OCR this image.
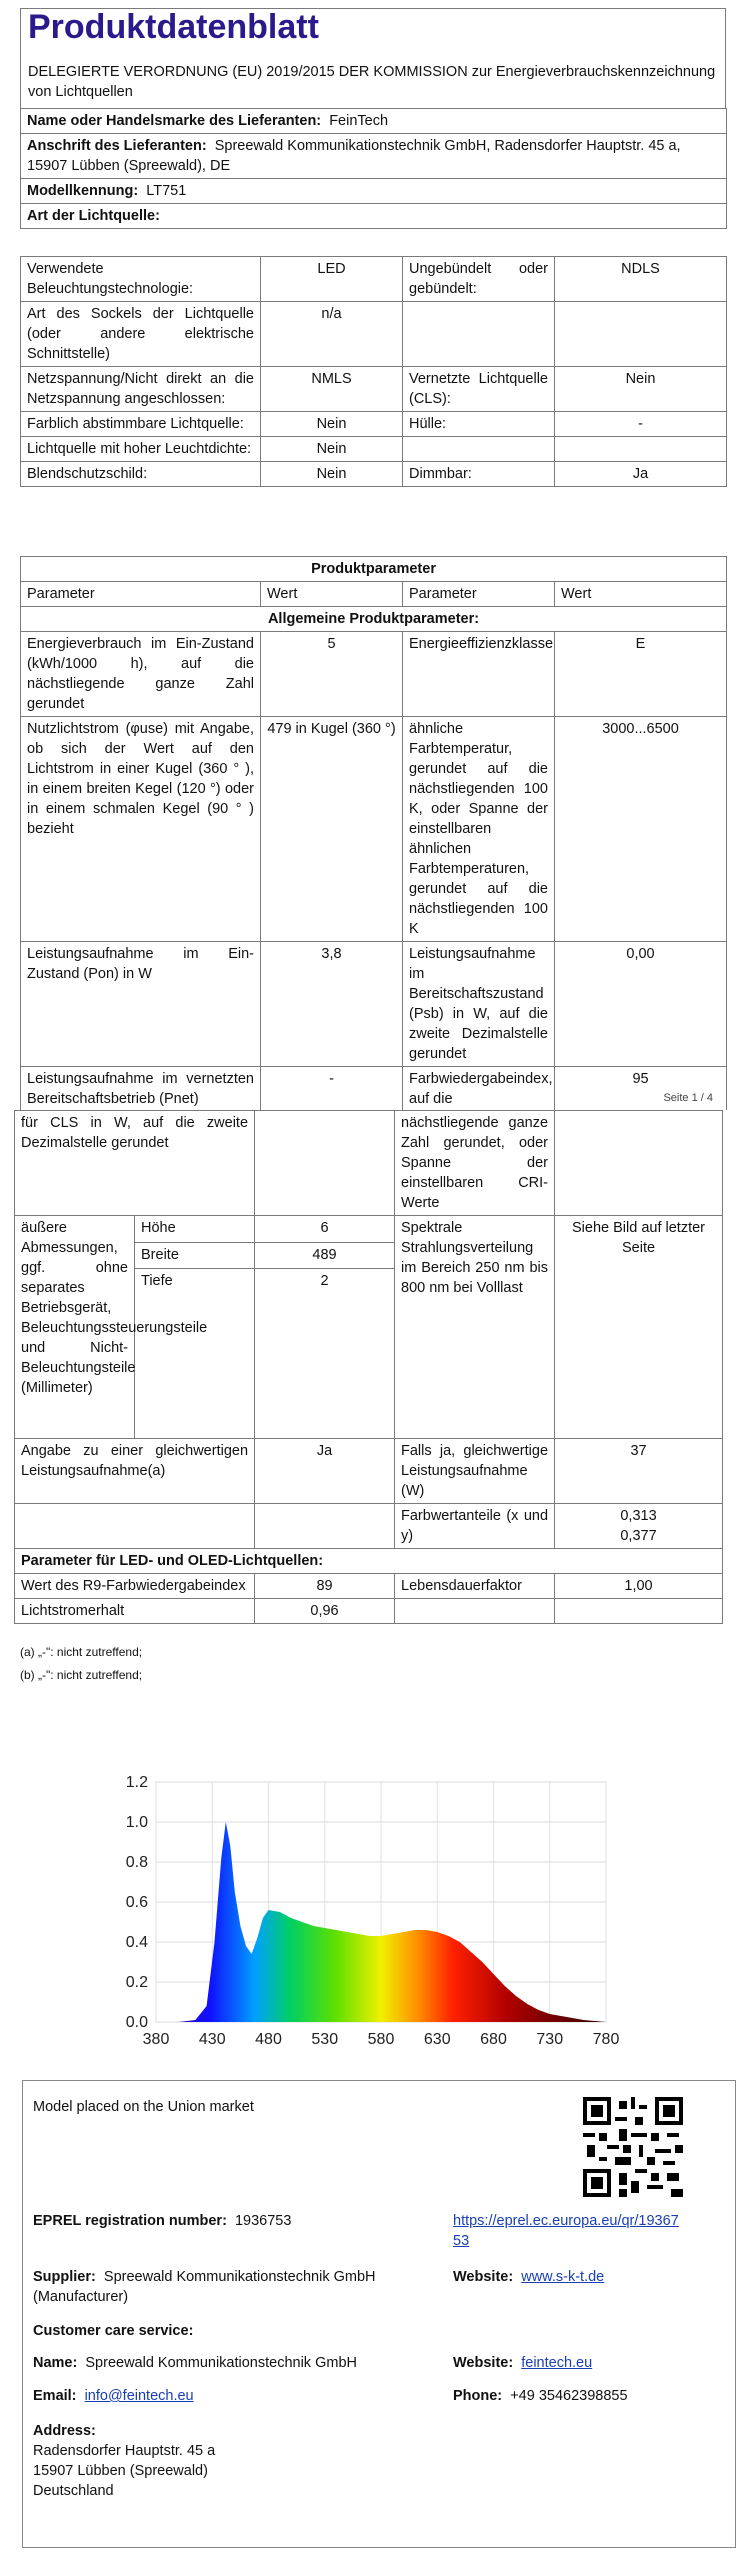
Produktdatenblatt
DELEGIERTE VERORDNUNG (EU) 2019/2015 DER KOMMISSION zur Energieverbrauchskennzeichnung von Lichtquellen
Name oder Handelsmarke des Lieferanten: FeinTech
Anschrift des Lieferanten: Spreewald Kommunikationstechnik GmbH, Radensdorfer Hauptstr. 45 a, 15907 Lübben (Spreewald), DE
Modellkennung: LT751
Art der Lichtquelle:
Verwendete Beleuchtungstechnologie:	LED	Ungebündelt oder gebündelt:	NDLS
Art des Sockels der Lichtquelle (oder andere elektrische Schnittstelle)	n/a		
Netzspannung/Nicht direkt an die Netzspannung angeschlossen:	NMLS	Vernetzte Lichtquelle (CLS):	Nein
Farblich abstimmbare Lichtquelle:	Nein	Hülle:	-
Lichtquelle mit hoher Leuchtdichte:	Nein		
Blendschutzschild:	Nein	Dimmbar:	Ja
Produktparameter			
Parameter	Wert	Parameter	Wert
Allgemeine Produktparameter:			
Energieverbrauch im Ein-Zustand (kWh/1000 h), auf die nächstliegende ganze Zahl gerundet	5	Energieeffizienzklasse	E
Nutzlichtstrom (φuse) mit Angabe, ob sich der Wert auf den Lichtstrom in einer Kugel (360 ° ), in einem breiten Kegel (120 °) oder in einem schmalen Kegel (90 ° ) bezieht	479 in Kugel (360 °)	ähnliche Farbtemperatur, gerundet auf die nächstliegenden 100 K, oder Spanne der einstellbaren ähnlichen Farbtemperaturen, gerundet auf die nächstliegenden 100 K	3000...6500
Leistungsaufnahme im Ein-Zustand (Pon) in W	3,8	Leistungsaufnahme im Bereitschaftszustand (Psb) in W, auf die zweite Dezimalstelle gerundet	0,00
Leistungsaufnahme im vernetzten Bereitschaftsbetrieb (Pnet)	-	Farbwiedergabeindex, auf die	95
Seite 1 / 4
für CLS in W, auf die zweite Dezimalstelle gerundet			nächstliegende ganze Zahl gerundet, oder Spanne der einstellbaren CRI-Werte	
äußere Abmessungen, ggf. ohne separates Betriebsgerät, Beleuchtungssteuerungsteile und Nicht-Beleuchtungsteile (Millimeter)	Höhe	6	Spektrale Strahlungsverteilung im Bereich 250 nm bis 800 nm bei Volllast	Siehe Bild auf letzter Seite
	Breite	489		
	Tiefe	2		
Angabe zu einer gleichwertigen Leistungsaufnahme(a)		Ja	Falls ja, gleichwertige Leistungsaufnahme (W)	37
			Farbwertanteile (x und y)	0,313
0,377

Parameter für LED- und OLED-Lichtquellen:				
Wert des R9-Farbwiedergabeindex		89	Lebensdauerfaktor	1,00
Lichtstromerhalt		0,96		
(a) „-": nicht zutreffend;
(b) „-": nicht zutreffend;
0.0
0.2
0.4
0.6
0.8
1.0
1.2
380 430 480 530 580 630 680 730 780
Model placed on the Union market
EPREL registration number: 1936753	https://eprel.ec.europa.eu/qr/1936753
Supplier: Spreewald Kommunikationstechnik GmbH (Manufacturer)
Website: www.s-k-t.de
Customer care service:
Name: Spreewald Kommunikationstechnik GmbH	Website: feintech.eu
Email: info@feintech.eu	Phone: +49 35462398855
Address:
Radensdorfer Hauptstr. 45 a
15907 Lübben (Spreewald)
Deutschland
